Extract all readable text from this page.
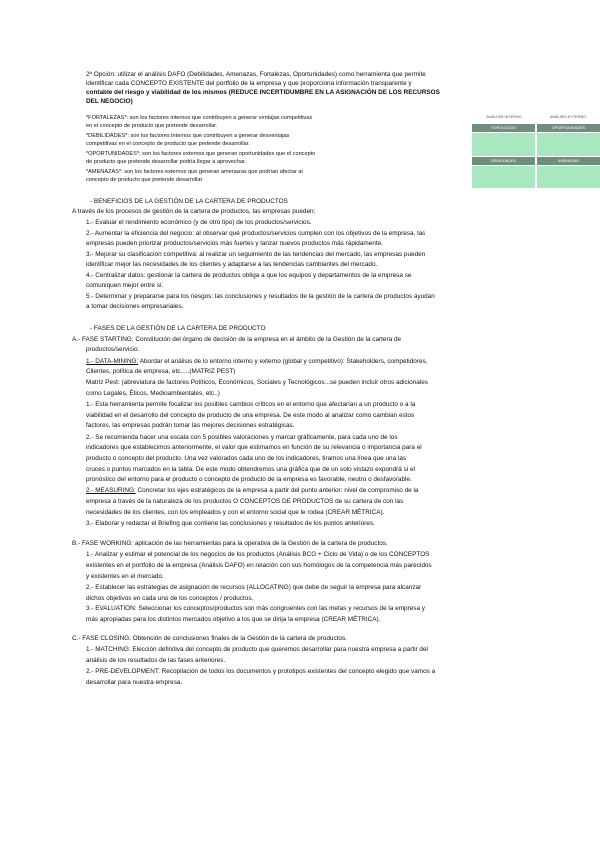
2ª Opción: utilizar el análisis DAFO (Debilidades, Amenazas, Fortalezas, Oportunidades) como herramienta que permite
identificar cada CONCEPTO EXISTENTE del portfolio de la empresa y que proporciona información transparente y
contable del riesgo y viabilidad de los mismos (REDUCE INCERTIDUMBRE EN LA ASIGNACIÓN DE LOS RECURSOS
DEL NEGOCIO)
*FORTALEZAS*: son los factores internos que contribuyen a generar ventajas competitivas
en el concepto de producto que pretende desarrollar.
*DEBILIDADES*: son los factores internos que contribuyen a generar desventajas
competitivas en el concepto de producto que pretende desarrollar.
*OPORTUNIDADES*: son los factores externos que generan oportunidades que el concepto
de producto que pretende desarrollar podría llegar a aprovechar.
*AMENAZAS*: son los factores externos que generan amenazas que podrían afectar al
concepto de producto que pretende desarrollar
ANÁLISIS INTERNO	ANÁLISIS EXTERNO
FORTALEZAS	OPORTUNIDADES
DEBILIDADES	AMENAZAS
- BENEFICIOS DE LA GESTIÓN DE LA CARTERA DE PRODUCTOS
A través de los procesos de gestión de la cartera de productos, las empresas pueden:
1.- Evaluar el rendimiento económico (y de otro tipo) de los productos/servicios.
2.- Aumentar la eficiencia del negocio: al observar qué productos/servicios cumplen con los objetivos de la empresa, las
empresas pueden priorizar productos/servicios más fuertes y lanzar nuevos productos más rápidamente.
3.- Mejorar su clasificación competitiva: al realizar un seguimiento de las tendencias del mercado, las empresas pueden
identificar mejor las necesidades de los clientes y adaptarse a las tendencias cambiantes del mercado.
4.- Centralizar datos: gestionar la cartera de productos obliga a que los equipos y departamentos de la empresa se
comuniquen mejor entre sí.
5.- Determinar y prepararse para los riesgos: las conclusiones y resultados de la gestión de la cartera de productos ayudan
a tomar decisiones empresariales.
- FASES DE LA GESTIÓN DE LA CARTERA DE PRODUCTO
A.- FASE STARTING: Constitución del órgano de decisión de la empresa en el ámbito de la Gestión de la cartera de
productos/servicio.
1.- DATA-MINING: Abordar el análisis de lo entorno interno y externo (global y competitivo): Stakeholders, competidores,
Clientes, política de empresa, etc.....(MATRIZ PEST)
Matriz Pest: (abreviatura de factores Políticos, Económicos, Sociales y Tecnológicos...se pueden incluir otros adicionales
como Legales, Éticos, Medioambientales, etc..)
1.- Esta herramienta permite focalizar los posibles cambios críticos en el entorno que afectarían a un producto o a la
viabilidad en el desarrollo del concepto de producto de una empresa. De este modo al analizar como cambian estos
factores, las empresas podrán tomar las mejores decisiones estratégicas.
2.- Se recomienda hacer una escala con 5 posibles valoraciones y marcar gráficamente, para cada uno de los
indicadores que establecimos anteriormente, el valor que estimamos en función de su relevancia o importancia para el
producto o concepto del producto. Una vez valorados cada uno de los indicadores, tiramos una línea que una las
cruces o puntos marcados en la tabla. De este modo obtendremos una gráfica que de un solo vistazo expondrá si el
pronóstico del entorno para el producto o concepto de producto de la empresa es favorable, neutro o desfavorable.
2.- MEASURING: Concretar los ejes estratégicos de la empresa a partir del punto anterior: nivel de compromiso de la
empresa a través de la naturaleza de los productos O CONCEPTOS DE PRODUCTOS de su cartera de con las
necesidades de los clientes, con los empleados y con el entorno social que le rodea (CREAR MÉTRICA).
3.- Elaborar y redactar el Briefing que contiene las conclusiones y resultados de los puntos anteriores.
B.- FASE WORKING: aplicación de las herramientas para la operativa de la Gestión de la cartera de productos.
1.- Analizar y estimar el potencial de los negocios de los productos (Análisis BCG + Ciclo de Vida) o de los CONCEPTOS
existentes en el portfolio de la empresa (Análisis DAFO) en relación con sus homólogos de la competencia más parecidos
y existentes en el mercado.
2.- Establecer las estrategias de asignación de recursos (ALLOCATING) que debe de seguir la empresa para alcanzar
dichos objetivos en cada uno de los conceptos / productos.
3.- EVALUATION: Seleccionar los conceptos/productos son más congruentes con las metas y recursos de la empresa y
más apropiadas para los distintos mercados objetivo a los que se dirija la empresa (CREAR MÉTRICA).
C.- FASE CLOSING: Obtención de conclusiones finales de la Gestión de la cartera de productos.
1.- MATCHING: Elección definitiva del concepto de producto que queremos desarrollar para nuestra empresa a partir del
análisis de los resultados de las fases anteriores.
2.- PRE-DEVELOPMENT: Recopilación de todos los documentos y prototipos existentes del concepto elegido que vamos a
desarrollar para nuestra empresa.
